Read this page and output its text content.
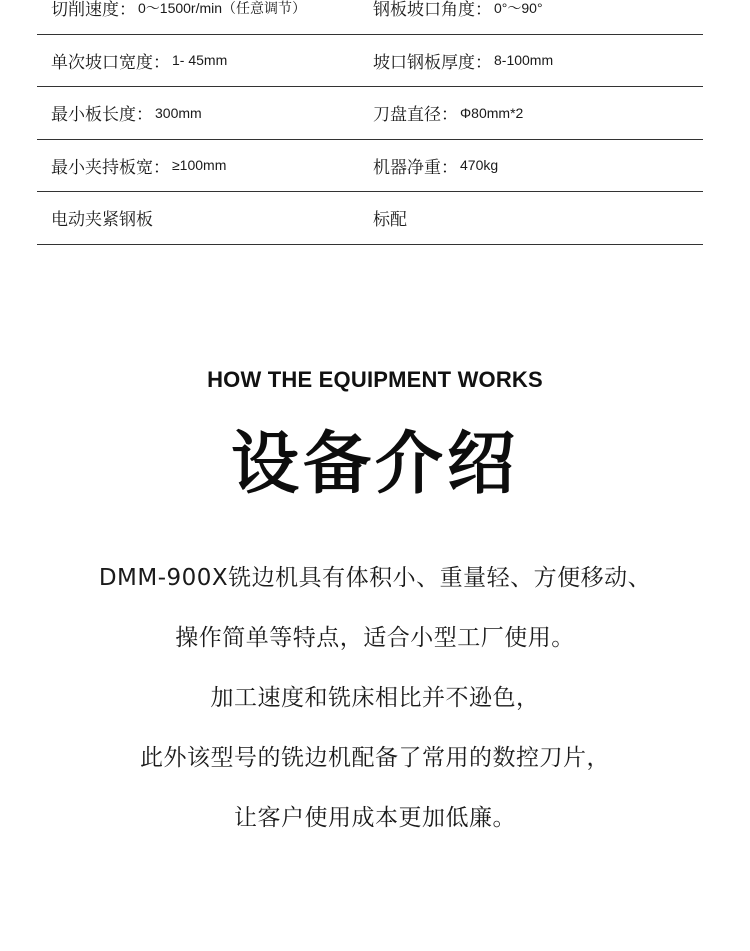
切削速度： 0～1500r/min（任意调节）	钢板坡口角度： 0°～90°
单次坡口宽度： 1- 45mm	坡口钢板厚度： 8-100mm
最小板长度： 300mm	刀盘直径： Φ80mm*2
最小夹持板宽： ≥100mm	机器净重： 470kg
电动夹紧钢板	标配
HOW THE EQUIPMENT WORKS
设备介绍
DMM-900X铣边机具有体积小、重量轻、方便移动、
操作简单等特点，适合小型工厂使用。
加工速度和铣床相比并不逊色，
此外该型号的铣边机配备了常用的数控刀片，
让客户使用成本更加低廉。
